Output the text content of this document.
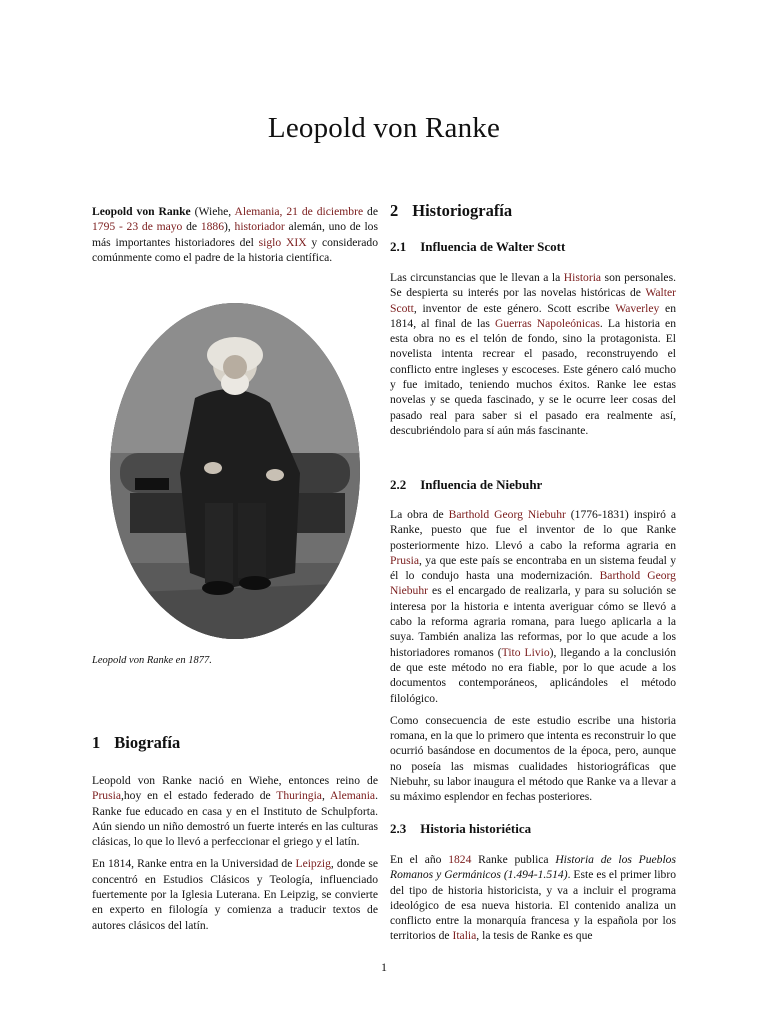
Leopold von Ranke

Leopold von Ranke (Wiehe, Alemania, 21 de diciembre de 1795 - 23 de mayo de 1886), historiador alemán, uno de los más importantes historiadores del siglo XIX y considerado comúnmente como el padre de la historia científica.

Leopold von Ranke en 1877.
1 Biografía

Leopold von Ranke nació en Wiehe, entonces reino de Prusia,hoy en el estado federado de Thuringia, Alemania. Ranke fue educado en casa y en el Instituto de Schulpforta. Aún siendo un niño demostró un fuerte interés en las culturas clásicas, lo que lo llevó a perfeccionar el griego y el latín.

En 1814, Ranke entra en la Universidad de Leipzig, donde se concentró en Estudios Clásicos y Teología, influenciado fuertemente por la Iglesia Luterana. En Leipzig, se convierte en experto en filología y comienza a traducir textos de autores clásicos del latín.

2 Historiografía
2.1 Influencia de Walter Scott

Las circunstancias que le llevan a la Historia son personales. Se despierta su interés por las novelas históricas de Walter Scott, inventor de este género. Scott escribe Waverley en 1814, al final de las Guerras Napoleónicas. La historia en esta obra no es el telón de fondo, sino la protagonista. El novelista intenta recrear el pasado, reconstruyendo el conflicto entre ingleses y escoceses. Este género caló mucho y fue imitado, teniendo muchos éxitos. Ranke lee estas novelas y se queda fascinado, y se le ocurre leer cosas del pasado real para saber si el pasado era realmente así, descubriéndolo para sí aún más fascinante.

2.2 Influencia de Niebuhr

La obra de Barthold Georg Niebuhr (1776-1831) inspiró a Ranke, puesto que fue el inventor de lo que Ranke posteriormente hizo. Llevó a cabo la reforma agraria en Prusia, ya que este país se encontraba en un sistema feudal y él lo condujo hasta una modernización. Barthold Georg Niebuhr es el encargado de realizarla, y para su solución se interesa por la historia e intenta averiguar cómo se llevó a cabo la reforma agraria romana, para luego aplicarla a la suya. También analiza las reformas, por lo que acude a los historiadores romanos (Tito Livio), llegando a la conclusión de que este método no era fiable, por lo que acude a los documentos contemporáneos, aplicándoles el método filológico.

Como consecuencia de este estudio escribe una historia romana, en la que lo primero que intenta es reconstruir lo que ocurrió basándose en documentos de la época, pero, aunque no poseía las mismas cualidades historiográficas que Niebuhr, su labor inaugura el método que Ranke va a llevar a su máximo esplendor en fechas posteriores.

2.3 Historia historiética

En el año 1824 Ranke publica Historia de los Pueblos Romanos y Germánicos (1.494-1.514). Este es el primer libro del tipo de historia historicista, y va a incluir el programa ideológico de esa nueva historia. El contenido analiza un conflicto entre la monarquía francesa y la española por los territorios de Italia, la tesis de Ranke es que

1
